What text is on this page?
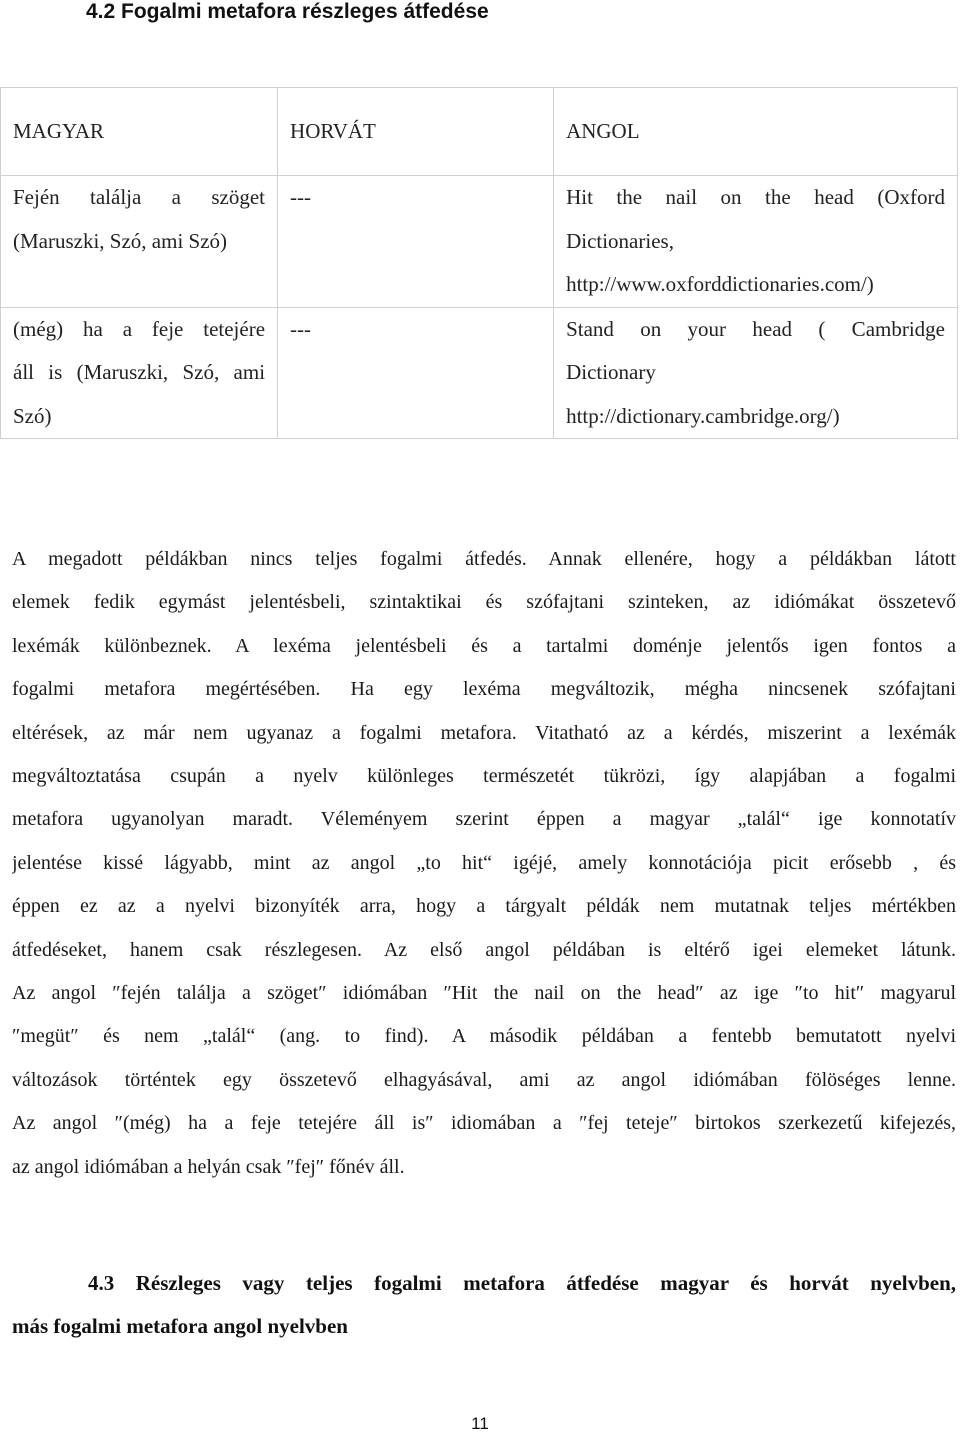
4.2 Fogalmi metafora részleges átfedése
MAGYAR	HORVÁT	ANGOL

Fején találja a szöget
(Maruszki, Szó, ami Szó)	---	Hit the nail on the head (Oxford
Dictionaries,
http://www.oxforddictionaries.com/)

(még) ha a feje tetejére
áll is (Maruszki, Szó, ami
Szó)	---	Stand on your head ( Cambridge
Dictionary
http://dictionary.cambridge.org/)
A megadott példákban nincs teljes fogalmi átfedés. Annak ellenére, hogy a példákban látott
elemek fedik egymást jelentésbeli, szintaktikai és szófajtani szinteken, az idiómákat összetevő
lexémák különbeznek. A lexéma jelentésbeli és a tartalmi doménje jelentős igen fontos a
fogalmi metafora megértésében. Ha egy lexéma megváltozik, mégha nincsenek szófajtani
eltérések, az már nem ugyanaz a fogalmi metafora. Vitatható az a kérdés, miszerint a lexémák
megváltoztatása csupán a nyelv különleges természetét tükrözi, így alapjában a fogalmi
metafora ugyanolyan maradt. Véleményem szerint éppen a magyar „talál“ ige konnotatív
jelentése kissé lágyabb, mint az angol „to hit“ igéjé, amely konnotációja picit erősebb , és
éppen ez az a nyelvi bizonyíték arra, hogy a tárgyalt példák nem mutatnak teljes mértékben
átfedéseket, hanem csak részlegesen. Az első angol példában is eltérő igei elemeket látunk.
Az angol ″fején találja a szöget″ idiómában ″Hit the nail on the head″ az ige ″to hit″ magyarul
″megüt″ és nem „talál“ (ang. to find). A második példában a fentebb bemutatott nyelvi
változások történtek egy összetevő elhagyásával, ami az angol idiómában fölöséges lenne.
Az angol ″(még) ha a feje tetejére áll is″ idiomában a ″fej teteje″ birtokos szerkezetű kifejezés,
az angol idiómában a helyán csak ″fej″ főnév áll.
4.3 Részleges vagy teljes fogalmi metafora átfedése magyar és horvát nyelvben,
más fogalmi metafora angol nyelvben
11
